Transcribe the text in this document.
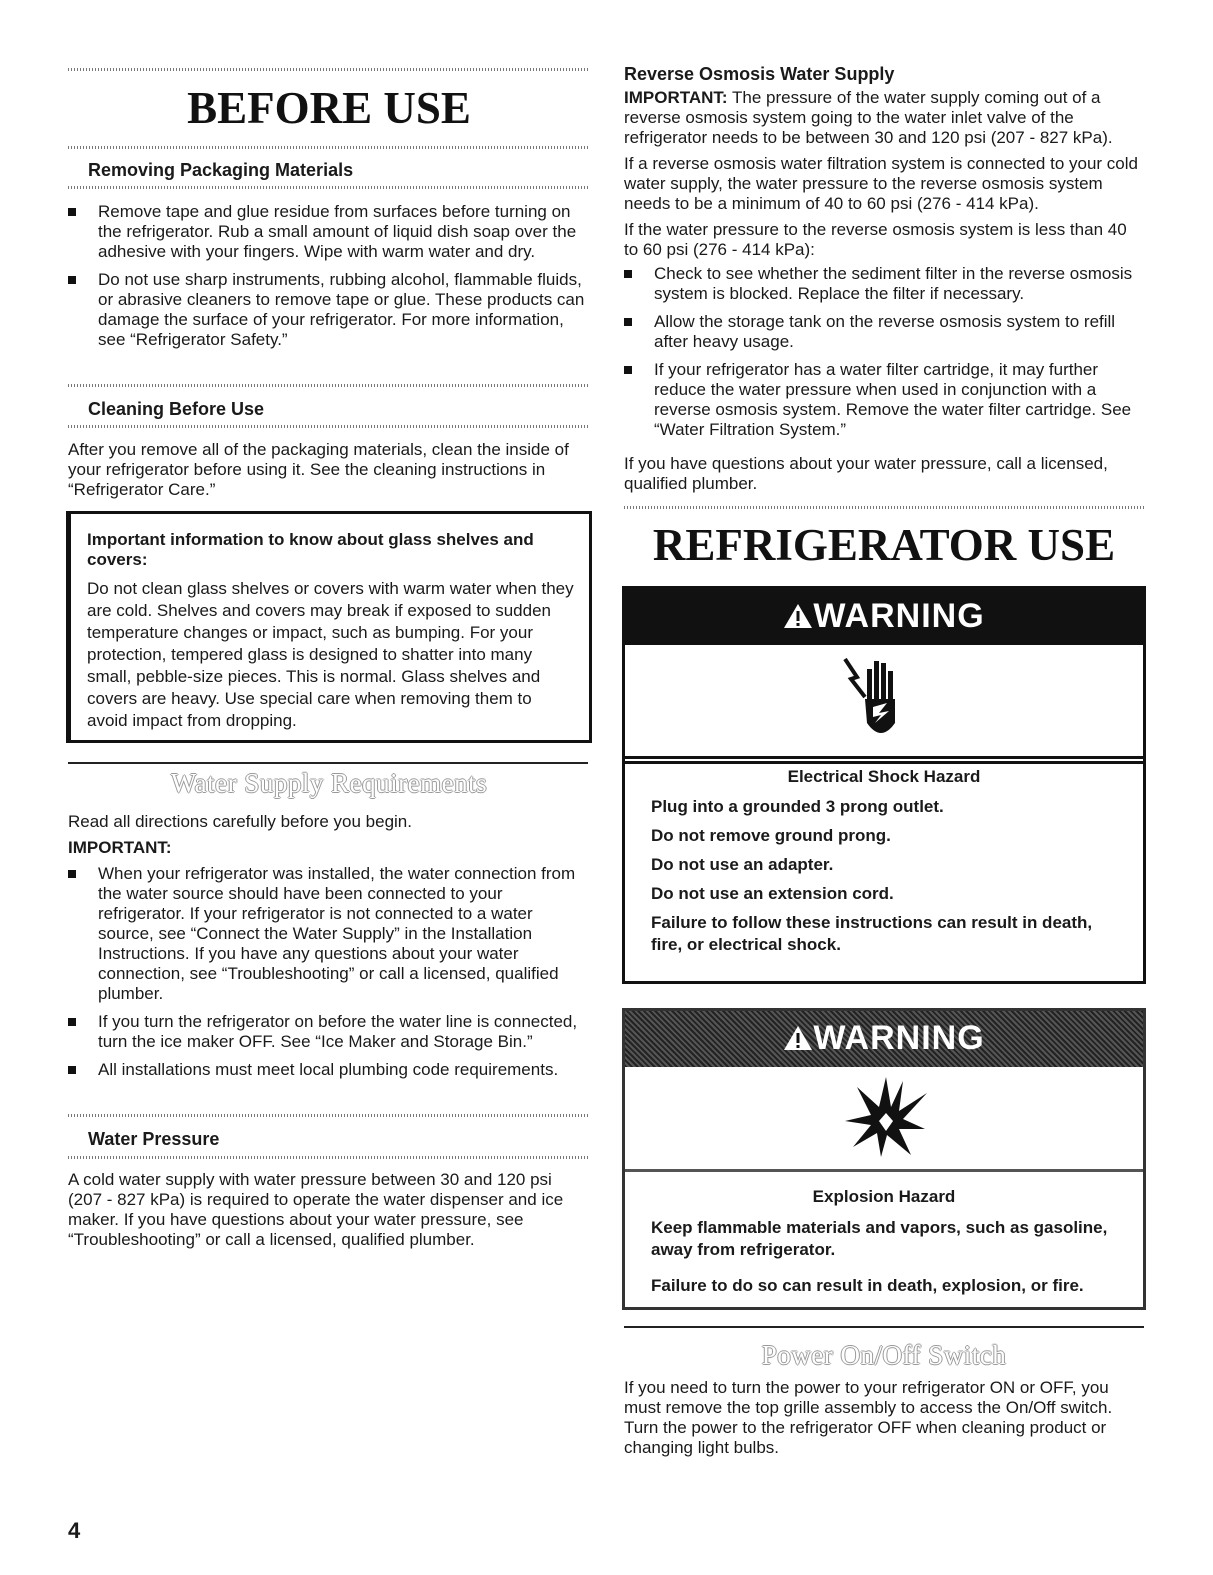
BEFORE USE
Removing Packaging Materials
Remove tape and glue residue from surfaces before turning on the refrigerator. Rub a small amount of liquid dish soap over the adhesive with your fingers. Wipe with warm water and dry.
Do not use sharp instruments, rubbing alcohol, flammable fluids, or abrasive cleaners to remove tape or glue. These products can damage the surface of your refrigerator. For more information, see “Refrigerator Safety.”
Cleaning Before Use

After you remove all of the packaging materials, clean the inside of your refrigerator before using it. See the cleaning instructions in “Refrigerator Care.”

Important information to know about glass shelves and covers:

Do not clean glass shelves or covers with warm water when they are cold. Shelves and covers may break if exposed to sudden temperature changes or impact, such as bumping. For your protection, tempered glass is designed to shatter into many small, pebble-size pieces. This is normal. Glass shelves and covers are heavy. Use special care when removing them to avoid impact from dropping.

Water Supply Requirements

Read all directions carefully before you begin.

IMPORTANT:
When your refrigerator was installed, the water connection from the water source should have been connected to your refrigerator. If your refrigerator is not connected to a water source, see “Connect the Water Supply” in the Installation Instructions. If you have any questions about your water connection, see “Troubleshooting” or call a licensed, qualified plumber.
If you turn the refrigerator on before the water line is connected, turn the ice maker OFF. See “Ice Maker and Storage Bin.”
All installations must meet local plumbing code requirements.
Water Pressure

A cold water supply with water pressure between 30 and 120 psi (207 - 827 kPa) is required to operate the water dispenser and ice maker. If you have questions about your water pressure, see “Troubleshooting” or call a licensed, qualified plumber.

4
Reverse Osmosis Water Supply

IMPORTANT: The pressure of the water supply coming out of a reverse osmosis system going to the water inlet valve of the refrigerator needs to be between 30 and 120 psi (207 - 827 kPa).

If a reverse osmosis water filtration system is connected to your cold water supply, the water pressure to the reverse osmosis system needs to be a minimum of 40 to 60 psi (276 - 414 kPa).

If the water pressure to the reverse osmosis system is less than 40 to 60 psi (276 - 414 kPa):

Check to see whether the sediment filter in the reverse osmosis system is blocked. Replace the filter if necessary.
Allow the storage tank on the reverse osmosis system to refill after heavy usage.
If your refrigerator has a water filter cartridge, it may further reduce the water pressure when used in conjunction with a reverse osmosis system. Remove the water filter cartridge. See “Water Filtration System.”

If you have questions about your water pressure, call a licensed, qualified plumber.

REFRIGERATOR USE
WARNING
Electrical Shock Hazard

Plug into a grounded 3 prong outlet.

Do not remove ground prong.

Do not use an adapter.

Do not use an extension cord.

Failure to follow these instructions can result in death, fire, or electrical shock.

WARNING
Explosion Hazard

Keep flammable materials and vapors, such as gasoline, away from refrigerator.

Failure to do so can result in death, explosion, or fire.

Power On/Off Switch

If you need to turn the power to your refrigerator ON or OFF, you must remove the top grille assembly to access the On/Off switch. Turn the power to the refrigerator OFF when cleaning product or changing light bulbs.
